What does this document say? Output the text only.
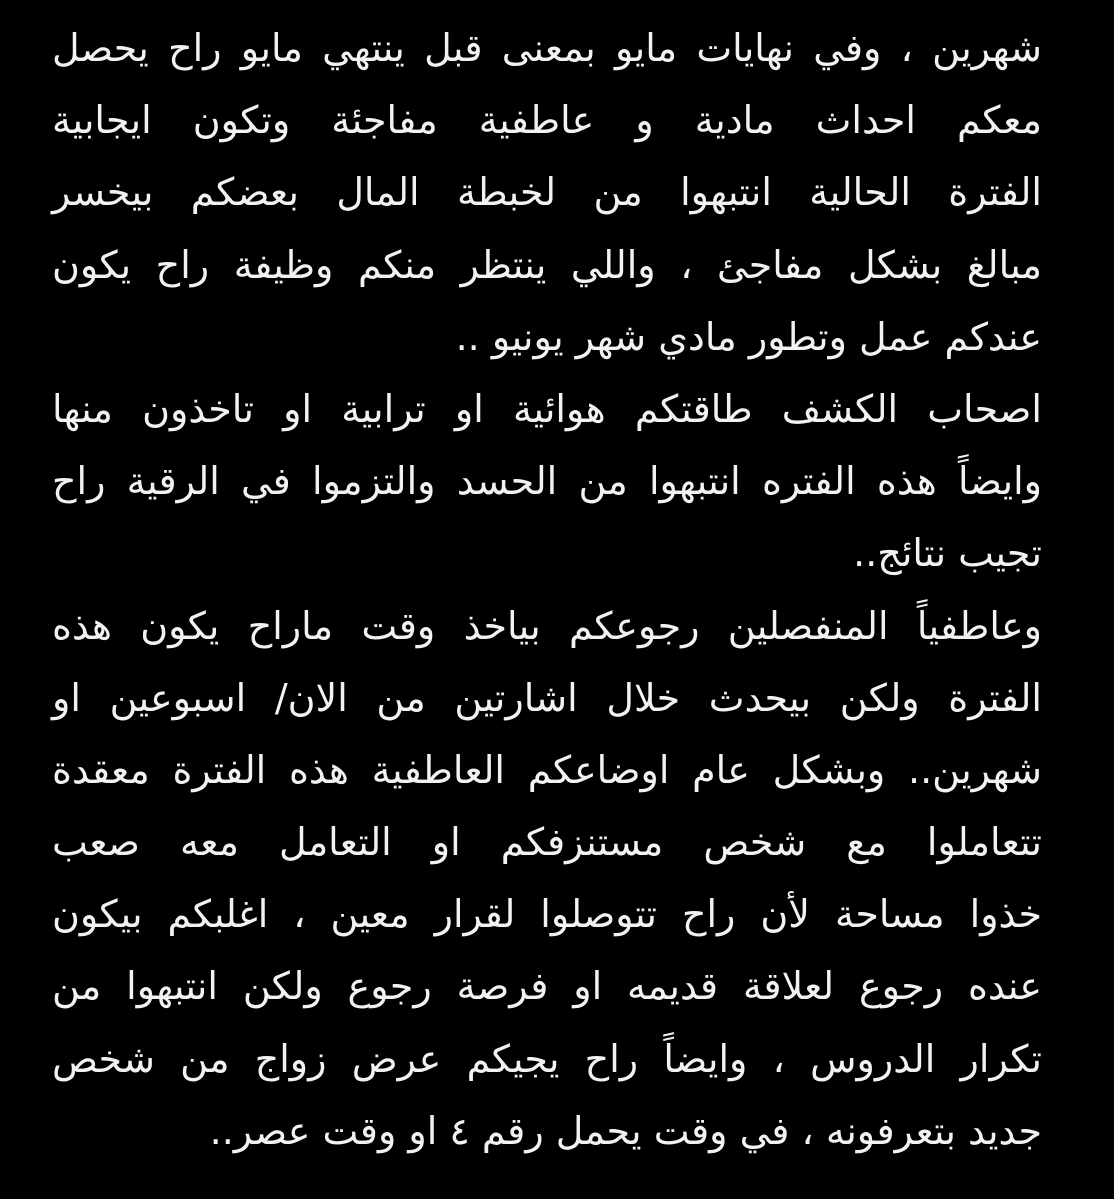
شهرين ، وفي نهايات مايو بمعنى قبل ينتهي مايو راح يحصل
معكم احداث مادية و عاطفية مفاجئة وتكون ايجابية
الفترة الحالية انتبهوا من لخبطة المال بعضكم بيخسر
مبالغ بشكل مفاجئ ، واللي ينتظر منكم وظيفة راح يكون
عندكم عمل وتطور مادي شهر يونيو ..
اصحاب الكشف طاقتكم هوائية او ترابية او تاخذون منها
وايضاً هذه الفتره انتبهوا من الحسد والتزموا في الرقية راح
تجيب نتائج..
وعاطفياً المنفصلين رجوعكم بياخذ وقت ماراح يكون هذه
الفترة ولكن بيحدث خلال اشارتين من الان/ اسبوعين او
شهرين.. وبشكل عام اوضاعكم العاطفية هذه الفترة معقدة
تتعاملوا مع شخص مستنزفكم او التعامل معه صعب
خذوا مساحة لأن راح تتوصلوا لقرار معين ، اغلبكم بيكون
عنده رجوع لعلاقة قديمه او فرصة رجوع ولكن انتبهوا من
تكرار الدروس ، وايضاً راح يجيكم عرض زواج من شخص
جديد بتعرفونه ، في وقت يحمل رقم ٤ او وقت عصر..
